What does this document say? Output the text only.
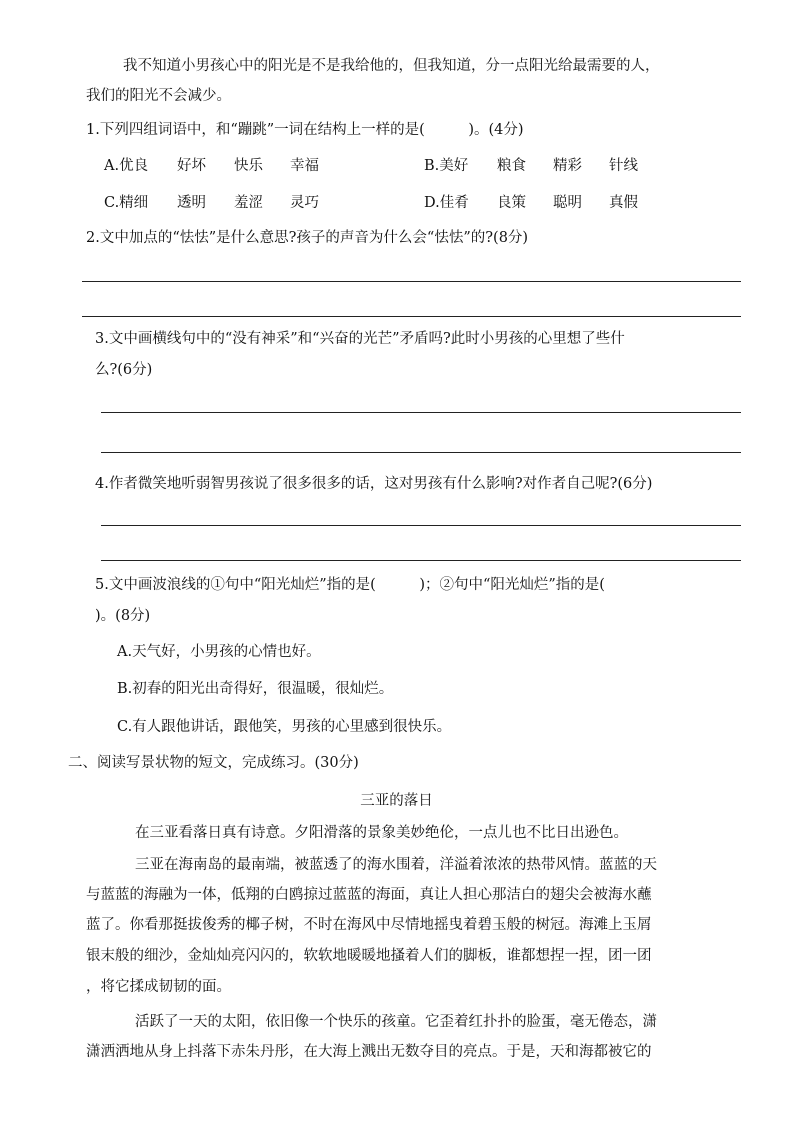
我不知道小男孩心中的阳光是不是我给他的，但我知道，分一点阳光给最需要的人，
我们的阳光不会减少。
1.下列四组词语中，和“蹦跳”一词在结构上一样的是(　　　)。(4分)
A.优良 好坏 快乐 幸福	B.美好 粮食 精彩 针线
C.精细 透明 羞涩 灵巧	D.佳肴 良策 聪明 真假
2.文中加点的“怯怯”是什么意思?孩子的声音为什么会“怯怯”的?(8分)
3.文中画横线句中的“没有神采”和“兴奋的光芒”矛盾吗?此时小男孩的心里想了些什
么?(6分)
4.作者微笑地听弱智男孩说了很多很多的话，这对男孩有什么影响?对作者自己呢?(6分)
5.文中画波浪线的①句中“阳光灿烂”指的是(　　　)；②句中“阳光灿烂”指的是(
)。(8分)
A.天气好，小男孩的心情也好。
B.初春的阳光出奇得好，很温暖，很灿烂。
C.有人跟他讲话，跟他笑，男孩的心里感到很快乐。
二、阅读写景状物的短文，完成练习。(30分)
三亚的落日
在三亚看落日真有诗意。夕阳滑落的景象美妙绝伦，一点儿也不比日出逊色。
三亚在海南岛的最南端，被蓝透了的海水围着，洋溢着浓浓的热带风情。蓝蓝的天
与蓝蓝的海融为一体，低翔的白鸥掠过蓝蓝的海面，真让人担心那洁白的翅尖会被海水蘸
蓝了。你看那挺拔俊秀的椰子树，不时在海风中尽情地摇曳着碧玉般的树冠。海滩上玉屑
银末般的细沙，金灿灿亮闪闪的，软软地暖暖地搔着人们的脚板，谁都想捏一捏，团一团
，将它揉成韧韧的面。
活跃了一天的太阳，依旧像一个快乐的孩童。它歪着红扑扑的脸蛋，毫无倦态，潇
潇洒洒地从身上抖落下赤朱丹彤，在大海上溅出无数夺目的亮点。于是，天和海都被它的
